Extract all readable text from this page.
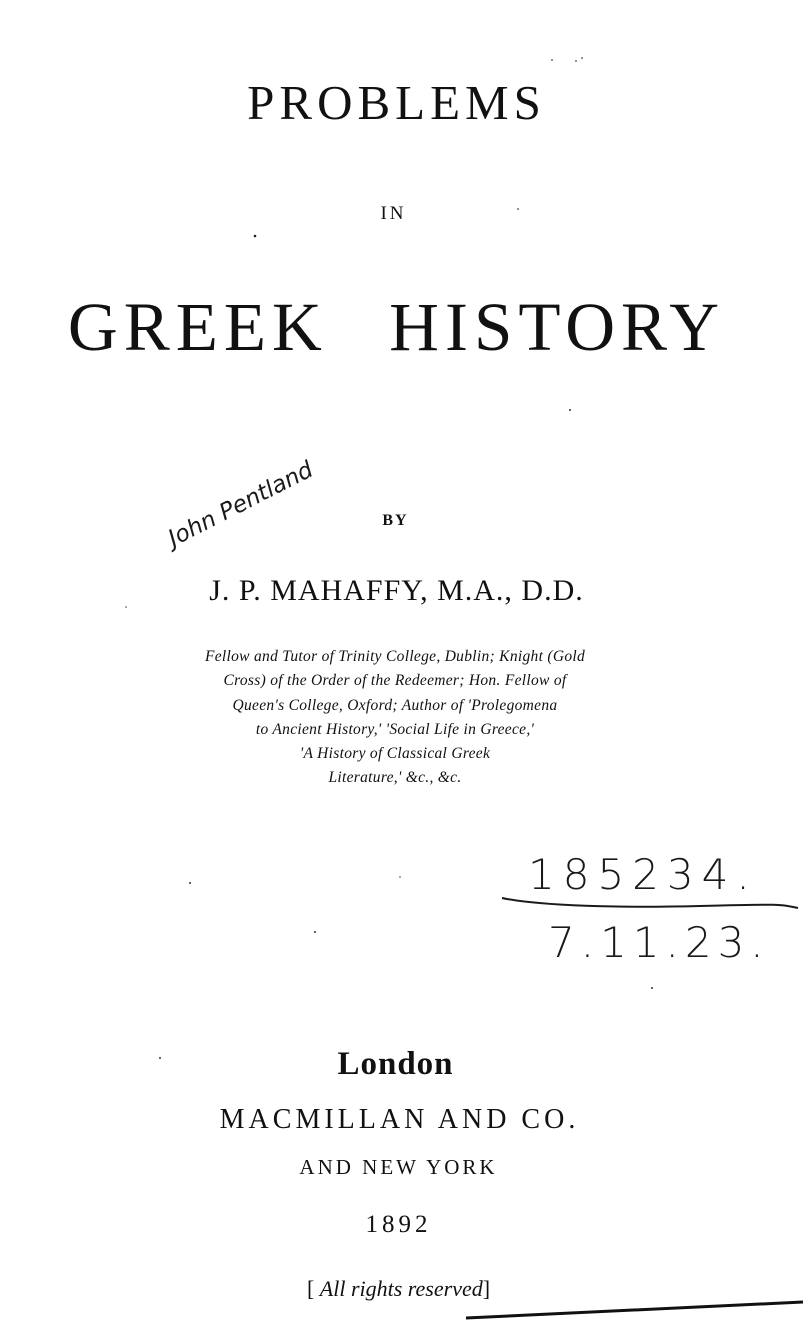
PROBLEMS
IN
GREEK HISTORY
BY
John Pentland
J. P. MAHAFFY, M.A., D.D.
Fellow and Tutor of Trinity College, Dublin; Knight (Gold
Cross) of the Order of the Redeemer; Hon. Fellow of
Queen's College, Oxford; Author of 'Prolegomena
to Ancient History,' 'Social Life in Greece,'
'A History of Classical Greek
Literature,' &c., &c.
185234.
7.11.23.
London
MACMILLAN AND CO.
AND NEW YORK
1892
[ All rights reserved]
